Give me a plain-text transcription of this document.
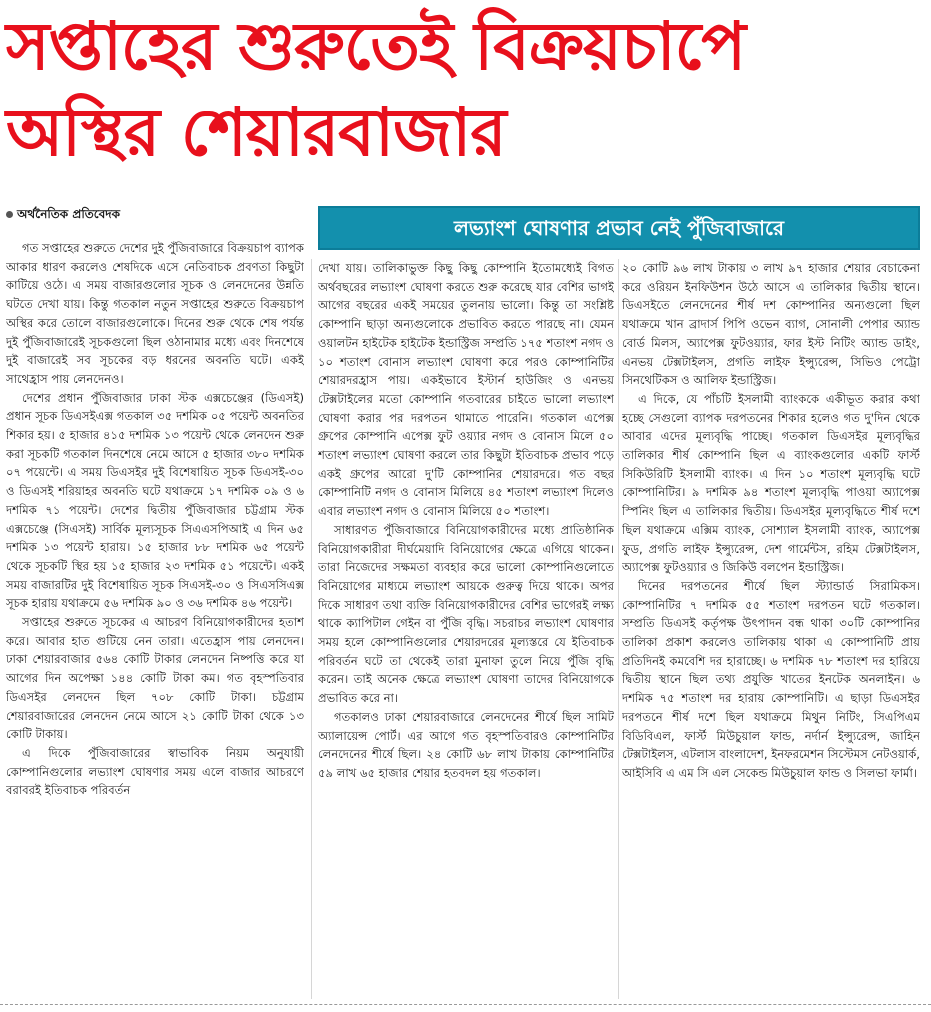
সপ্তাহের শুরুতেই বিক্রয়চাপে
অস্থির শেয়ারবাজার
অর্থনৈতিক প্রতিবেদক
লভ্যাংশ ঘোষণার প্রভাব নেই পুঁজিবাজারে

গত সপ্তাহের শুরুতে দেশের দুই পুঁজিবাজারে বিক্রয়চাপ ব্যাপক আকার ধারণ করলেও শেষদিকে এসে নেতিবাচক প্রবণতা কিছুটা কাটিয়ে ওঠে। এ সময় বাজারগুলোর সূচক ও লেনদেনের উন্নতি ঘটতে দেখা যায়। কিন্তু গতকাল নতুন সপ্তাহের শুরুতে বিক্রয়চাপ অস্থির করে তোলে বাজারগুলোকে। দিনের শুরু থেকে শেষ পর্যন্ত দুই পুঁজিবাজারেই সূচকগুলো ছিল ওঠানামার মধ্যে এবং দিনশেষে দুই বাজারেই সব সূচকের বড় ধরনের অবনতি ঘটে। একই সাথেহ্রাস পায় লেনদেনও।

দেশের প্রধান পুঁজিবাজার ঢাকা স্টক এক্সচেঞ্জের (ডিএসই) প্রধান সূচক ডিএসইএক্স গতকাল ৩৫ দশমিক ০৫ পয়েন্ট অবনতির শিকার হয়। ৫ হাজার ৪১৫ দশমিক ১৩ পয়েন্ট থেকে লেনদেন শুরু করা সূচকটি গতকাল দিনশেষে নেমে আসে ৫ হাজার ৩৮০ দশমিক ০৭ পয়েন্টে। এ সময় ডিএসইর দুই বিশেষায়িত সূচক ডিএসই-৩০ ও ডিএসই শরিয়াহর অবনতি ঘটে যথাক্রমে ১৭ দশমিক ০৯ ও ৬ দশমিক ৭১ পয়েন্ট। দেশের দ্বিতীয় পুঁজিবাজার চট্টগ্রাম স্টক এক্সচেঞ্জে (সিএসই) সার্বিক মূল্যসূচক সিএএসপিআই এ দিন ৬৫ দশমিক ১৩ পয়েন্ট হারায়। ১৫ হাজার ৮৮ দশমিক ৬৫ পয়েন্ট থেকে সূচকটি স্থির হয় ১৫ হাজার ২৩ দশমিক ৫১ পয়েন্টে। একই সময় বাজারটির দুই বিশেষায়িত সূচক সিএসই-৩০ ও সিএসসিএক্স সূচক হারায় যথাক্রমে ৫৬ দশমিক ৯০ ও ৩৬ দশমিক ৪৬ পয়েন্ট।

সপ্তাহের শুরুতে সূচকের এ আচরণ বিনিয়োগকারীদের হতাশ করে। আবার হাত গুটিয়ে নেন তারা। এতেহ্রাস পায় লেনদেন। ঢাকা শেয়ারবাজার ৫৬৪ কোটি টাকার লেনদেন নিষ্পত্তি করে যা আগের দিন অপেক্ষা ১৪৪ কোটি টাকা কম। গত বৃহস্পতিবার ডিএসইর লেনদেন ছিল ৭০৮ কোটি টাকা। চট্টগ্রাম শেয়ারবাজারের লেনদেন নেমে আসে ২১ কোটি টাকা থেকে ১৩ কোটি টাকায়।

এ দিকে পুঁজিবাজারের স্বাভাবিক নিয়ম অনুযায়ী কোম্পানিগুলোর লভ্যাংশ ঘোষণার সময় এলে বাজার আচরণে বরাবরই ইতিবাচক পরিবর্তন

দেখা যায়। তালিকাভুক্ত কিছু কিছু কোম্পানি ইতোমধ্যেই বিগত অর্থবছরের লভ্যাংশ ঘোষণা করতে শুরু করেছে যার বেশির ভাগই আগের বছরের একই সময়ের তুলনায় ভালো। কিন্তু তা সংশ্লিষ্ট কোম্পানি ছাড়া অন্যগুলোকে প্রভাবিত করতে পারছে না। যেমন ওয়ালটন হাইটেক হাইটেক ইন্ডাস্ট্রিজ সম্প্রতি ১৭৫ শতাংশ নগদ ও ১০ শতাংশ বোনাস লভ্যাংশ ঘোষণা করে পরও কোম্পানিটির শেয়ারদরহ্রাস পায়। একইভাবে ইস্টার্ন হাউজিং ও এনভয় টেক্সটাইলের মতো কোম্পানি গতবারের চাইতে ভালো লভ্যাংশ ঘোষণা করার পর দরপতন থামাতে পারেনি। গতকাল এপেক্স গ্রুপের কোম্পানি এপেক্স ফুট ওয়্যার নগদ ও বোনাস মিলে ৫০ শতাংশ লভ্যাংশ ঘোষণা করলে তার কিছুটা ইতিবাচক প্রভাব পড়ে একই গ্রুপের আরো দু'টি কোম্পানির শেয়ারদরে। গত বছর কোম্পানিটি নগদ ও বোনাস মিলিয়ে ৪৫ শতাংশ লভ্যাংশ দিলেও এবার লভ্যাংশ নগদ ও বোনাস মিলিয়ে ৫০ শতাংশ।

সাধারণত পুঁজিবাজারে বিনিয়োগকারীদের মধ্যে প্রাতিষ্ঠানিক বিনিয়োগকারীরা দীর্ঘমেয়াদি বিনিয়োগের ক্ষেত্রে এগিয়ে থাকেন। তারা নিজেদের সক্ষমতা ব্যবহার করে ভালো কোম্পানিগুলোতে বিনিয়োগের মাধ্যমে লভ্যাংশ আয়কে গুরুত্ব দিয়ে থাকে। অপর দিকে সাধারণ তথা ব্যক্তি বিনিয়োগকারীদের বেশির ভাগেরই লক্ষ্য থাকে ক্যাপিটাল গেইন বা পুঁজি বৃদ্ধি। সচরাচর লভ্যাংশ ঘোষণার সময় হলে কোম্পানিগুলোর শেয়ারদরের মূল্যস্তরে যে ইতিবাচক পরিবর্তন ঘটে তা থেকেই তারা মুনাফা তুলে নিয়ে পুঁজি বৃদ্ধি করেন। তাই অনেক ক্ষেত্রে লভ্যাংশ ঘোষণা তাদের বিনিয়োগকে প্রভাবিত করে না।

গতকালও ঢাকা শেয়ারবাজারে লেনদেনের শীর্ষে ছিল সামিট অ্যালায়েন্স পোর্ট। এর আগে গত বৃহস্পতিবারও কোম্পানিটির লেনদেনের শীর্ষে ছিল। ২৪ কোটি ৬৮ লাখ টাকায় কোম্পানিটির ৫৯ লাখ ৬৫ হাজার শেয়ার হতবদল হয় গতকাল।

২০ কোটি ৯৬ লাখ টাকায় ৩ লাখ ৯৭ হাজার শেয়ার বেচাকেনা করে ওরিয়ন ইনফিউশন উঠে আসে এ তালিকার দ্বিতীয় স্থানে। ডিএসইতে লেনদেনের শীর্ষ দশ কোম্পানির অন্যগুলো ছিল যথাক্রমে খান ব্রাদার্স পিপি ওভেন ব্যাগ, সোনালী পেপার অ্যান্ড বোর্ড মিলস, অ্যাপেক্স ফুটওয়্যার, ফার ইস্ট নিটিং অ্যান্ড ডাইং, এনভয় টেক্সটাইলস, প্রগতি লাইফ ইন্স্যুরেন্স, সিভিও পেট্রো সিনথেটিকস ও আলিফ ইন্ডাস্ট্রিজ।

এ দিকে, যে পাঁচটি ইসলামী ব্যাংককে একীভূত করার কথা হচ্ছে সেগুলো ব্যাপক দরপতনের শিকার হলেও গত দু'দিন থেকে আবার এদের মূল্যবৃদ্ধি পাচ্ছে। গতকাল ডিএসইর মূল্যবৃদ্ধির তালিকার শীর্ষ কোম্পানি ছিল এ ব্যাংকগুলোর একটি ফার্স্ট সিকিউরিটি ইসলামী ব্যাংক। এ দিন ১০ শতাংশ মূল্যবৃদ্ধি ঘটে কোম্পানিটির। ৯ দশমিক ৯৪ শতাংশ মূল্যবৃদ্ধি পাওয়া অ্যাপেক্স স্পিনিং ছিল এ তালিকার দ্বিতীয়। ডিএসইর মূল্যবৃদ্ধিতে শীর্ষ দশে ছিল যথাক্রমে এক্সিম ব্যাংক, সোশ্যাল ইসলামী ব্যাংক, অ্যাপেক্স ফুড, প্রগতি লাইফ ইন্স্যুরেন্স, দেশ গার্মেন্টস, রহিম টেক্সটাইলস, অ্যাপেক্স ফুটওয়্যার ও জিকিউ বলপেন ইন্ডাস্ট্রিজ।

দিনের দরপতনের শীর্ষে ছিল স্ট্যান্ডার্ড সিরামিকস। কোম্পানিটির ৭ দশমিক ৫৫ শতাংশ দরপতন ঘটে গতকাল। সম্প্রতি ডিএসই কর্তৃপক্ষ উৎপাদন বন্ধ থাকা ৩০টি কোম্পানির তালিকা প্রকাশ করলেও তালিকায় থাকা এ কোম্পানিটি প্রায় প্রতিদিনই কমবেশি দর হারাচ্ছে। ৬ দশমিক ৭৮ শতাংশ দর হারিয়ে দ্বিতীয় স্থানে ছিল তথ্য প্রযুক্তি খাতের ইনটেক অনলাইন। ৬ দশমিক ৭৫ শতাংশ দর হারায় কোম্পানিটি। এ ছাড়া ডিএসইর দরপতনে শীর্ষ দশে ছিল যথাক্রমে মিথুন নিটিং, সিএপিএম বিডিবিএল, ফার্স্ট মিউচুয়াল ফান্ড, নর্দার্ন ইন্স্যুরেন্স, জাহিন টেক্সটাইলস, এটলাস বাংলাদেশ, ইনফরমেশন সিস্টেমস নেটওয়ার্ক, আইসিবি এ এম সি এল সেকেন্ড মিউচুয়াল ফান্ড ও সিলভা ফার্মা।
